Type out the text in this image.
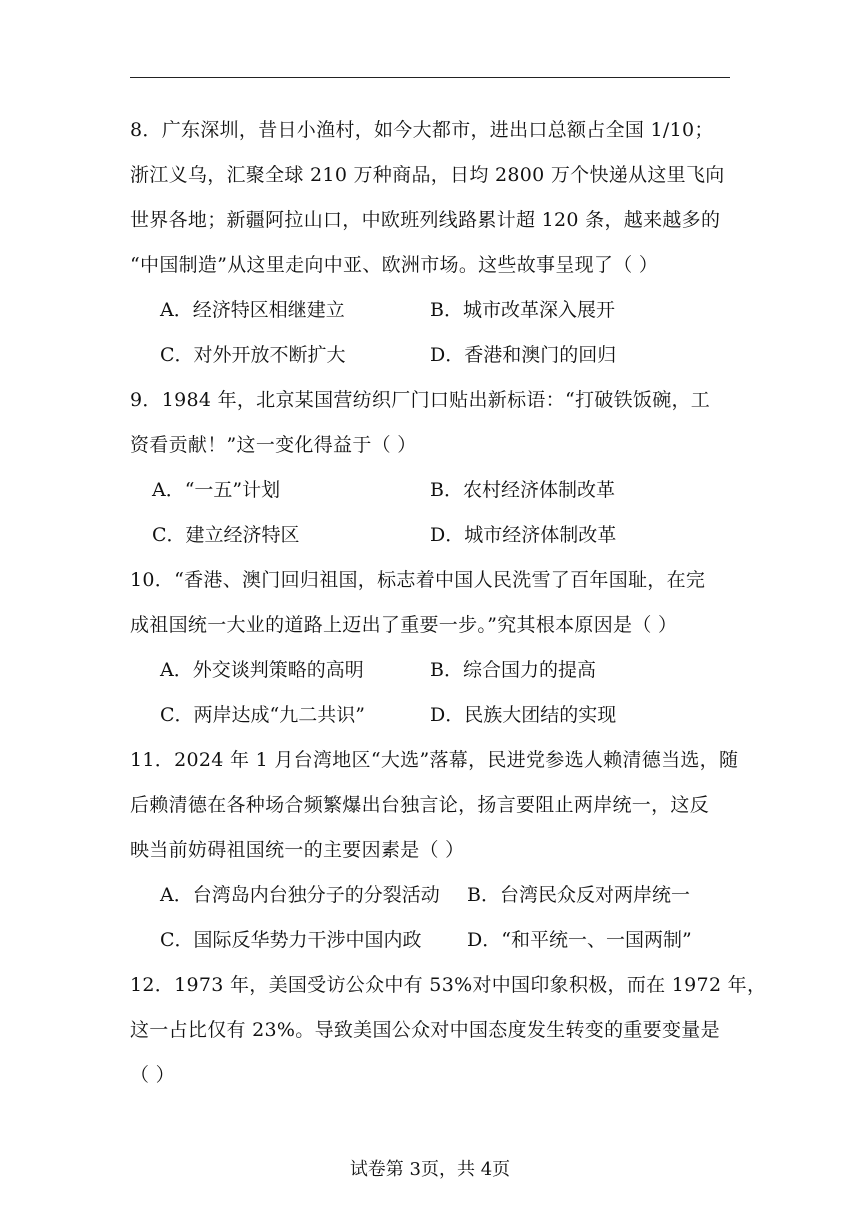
8．广东深圳，昔日小渔村，如今大都市，进出口总额占全国 1/10；
浙江义乌，汇聚全球 210 万种商品，日均 2800 万个快递从这里飞向
世界各地；新疆阿拉山口，中欧班列线路累计超 120 条，越来越多的
“中国制造”从这里走向中亚、欧洲市场。这些故事呈现了（ ）
A．经济特区相继建立	B．城市改革深入展开
C．对外开放不断扩大	D．香港和澳门的回归
9．1984 年，北京某国营纺织厂门口贴出新标语：“打破铁饭碗，工
资看贡献！”这一变化得益于（ ）
A．“一五”计划	B．农村经济体制改革
C．建立经济特区	D．城市经济体制改革
10．“香港、澳门回归祖国，标志着中国人民洗雪了百年国耻，在完
成祖国统一大业的道路上迈出了重要一步。”究其根本原因是（ ）
A．外交谈判策略的高明	B．综合国力的提高
C．两岸达成“九二共识”	D．民族大团结的实现
11．2024 年 1 月台湾地区“大选”落幕，民进党参选人赖清德当选，随
后赖清德在各种场合频繁爆出台独言论，扬言要阻止两岸统一，这反
映当前妨碍祖国统一的主要因素是（ ）
A．台湾岛内台独分子的分裂活动 B．台湾民众反对两岸统一
C．国际反华势力干涉中国内政 D．“和平统一、一国两制”
12．1973 年，美国受访公众中有 53%对中国印象积极，而在 1972 年，
这一占比仅有 23%。导致美国公众对中国态度发生转变的重要变量是
（ ）
试卷第 3页，共 4页
